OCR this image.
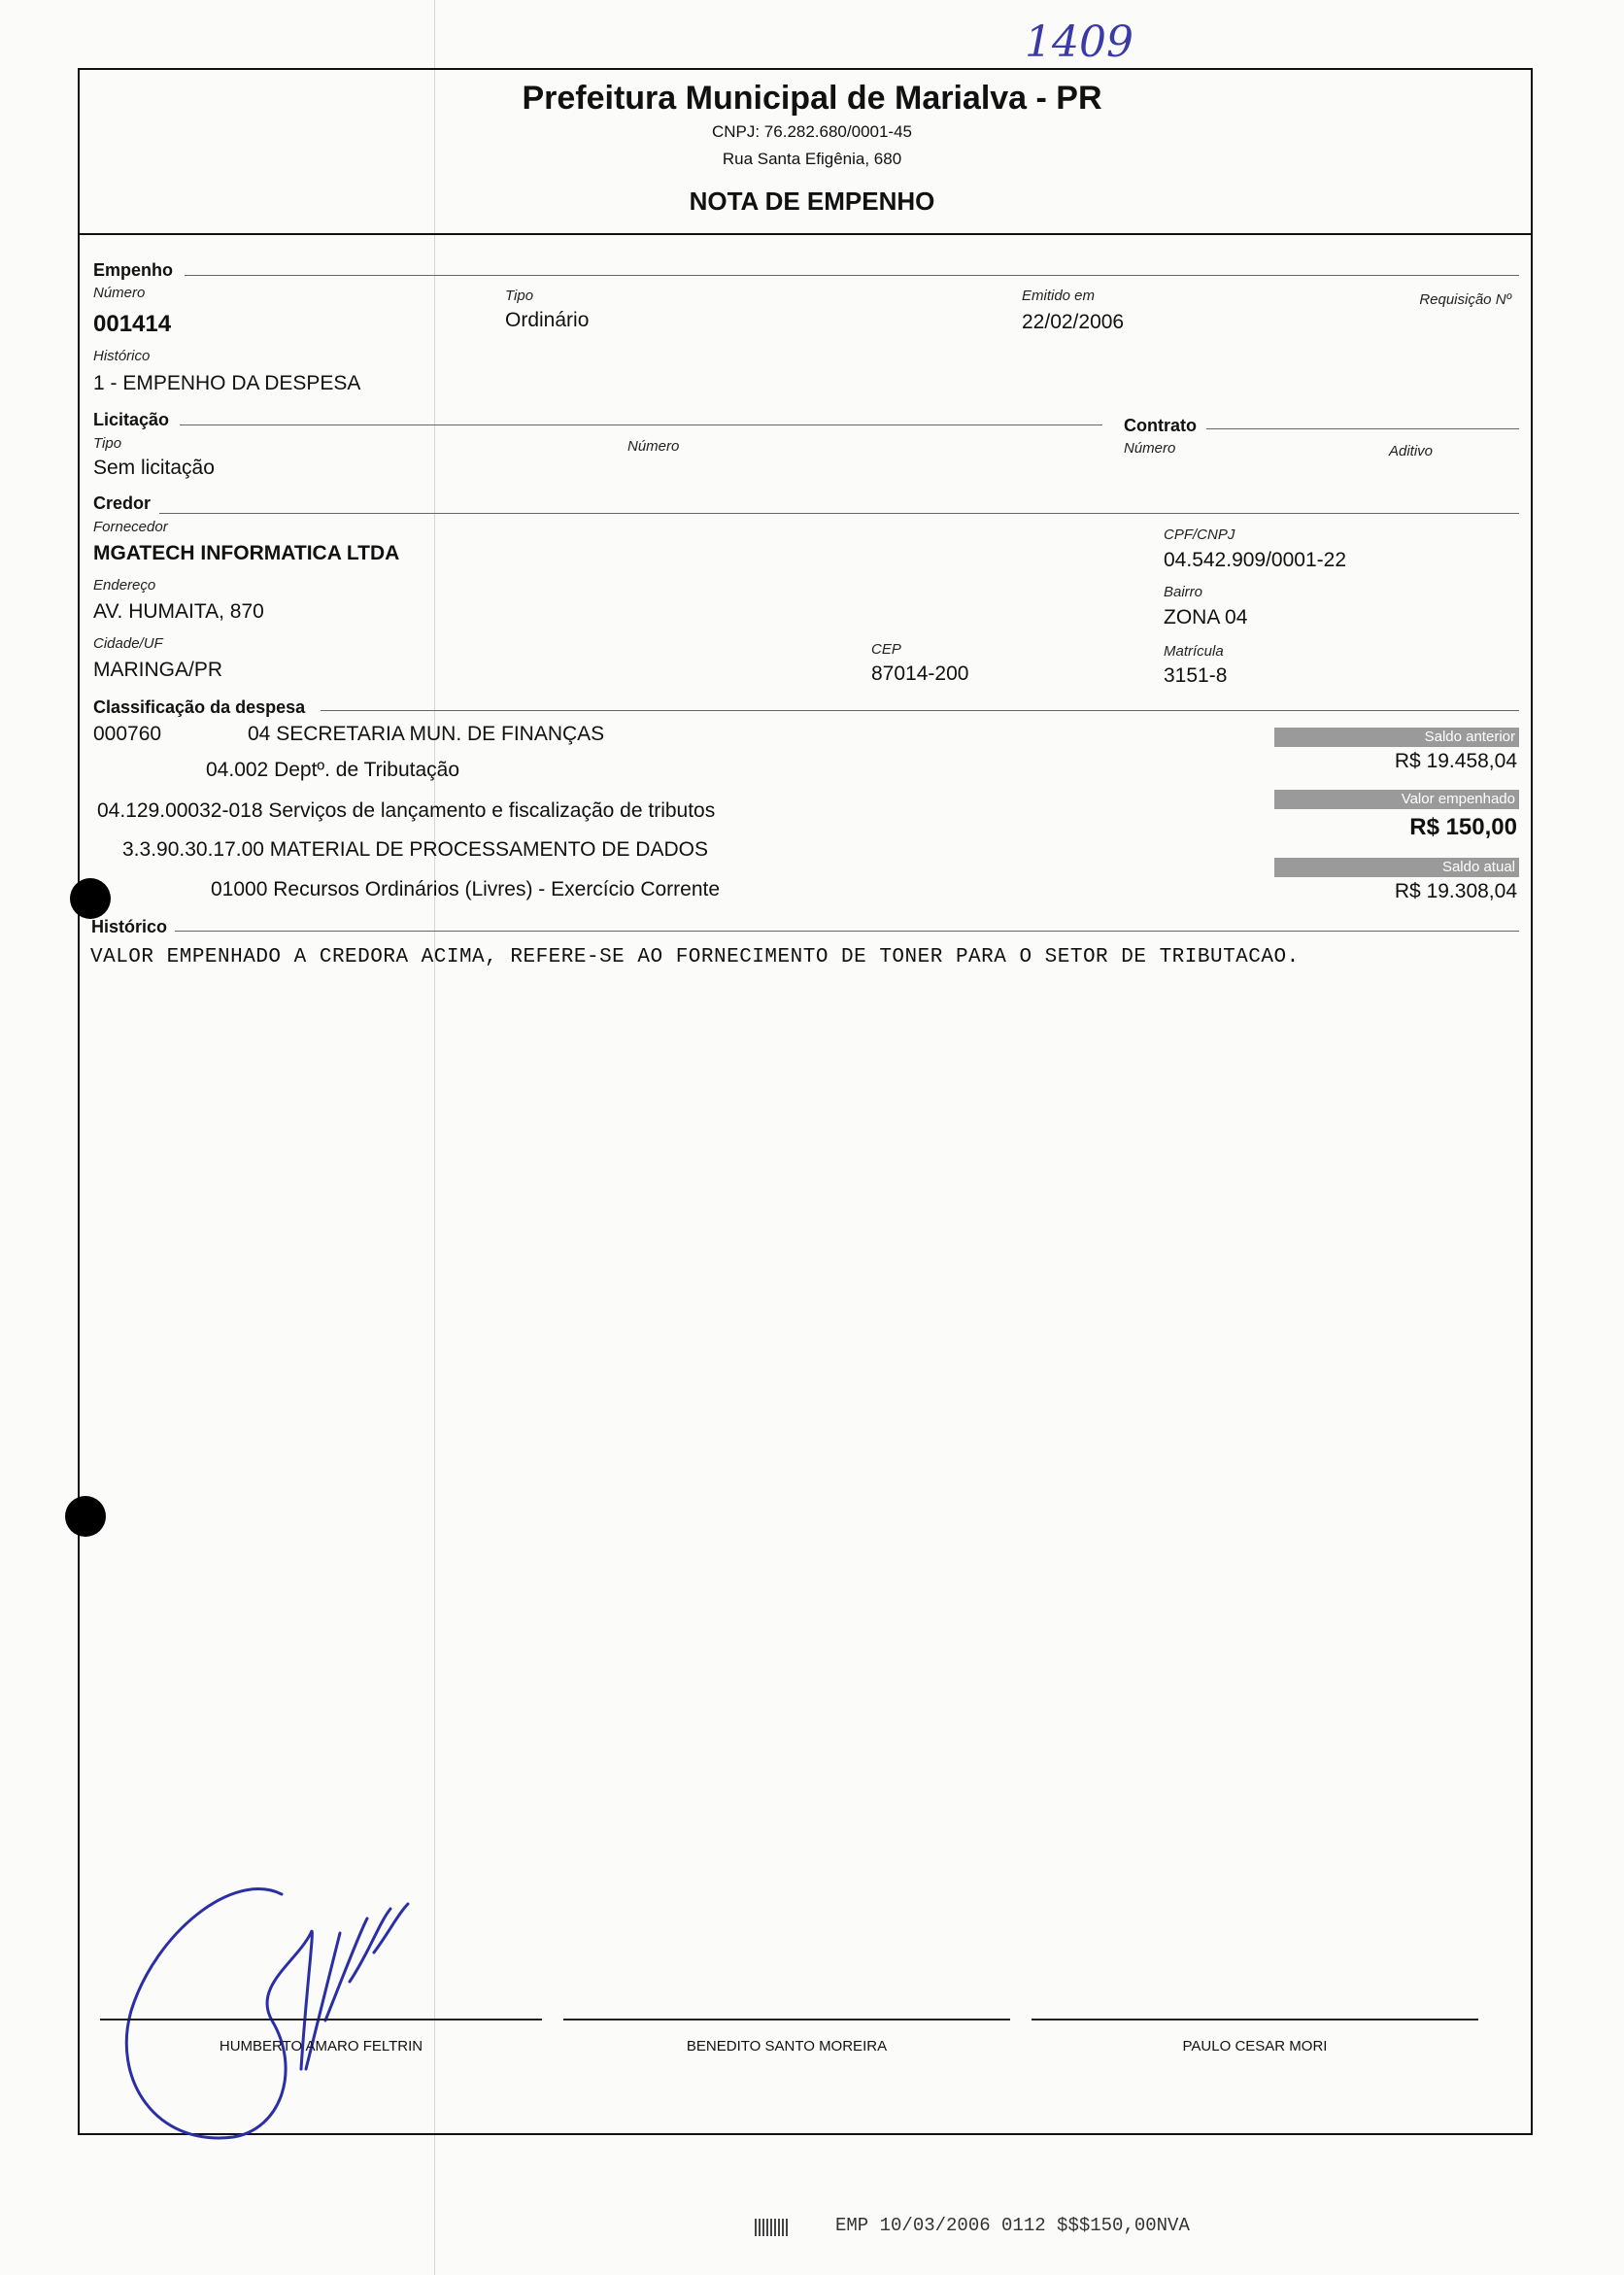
1409
Prefeitura Municipal de Marialva - PR
CNPJ: 76.282.680/0001-45
Rua Santa Efigênia, 680
NOTA DE EMPENHO
Empenho
Número
001414
Tipo
Ordinário
Emitido em
22/02/2006
Requisição Nº
Histórico
1 - EMPENHO DA DESPESA
Licitação
Tipo
Sem licitação
Número
Contrato
Número	Aditivo
Credor
Fornecedor
MGATECH INFORMATICA LTDA
CPF/CNPJ
04.542.909/0001-22
Endereço
AV. HUMAITA, 870
Bairro
ZONA 04
Cidade/UF
MARINGA/PR
CEP
87014-200
Matrícula
3151-8
Classificação da despesa
000760	04 SECRETARIA MUN. DE FINANÇAS
04.002 Deptº. de Tributação
04.129.00032-018 Serviços de lançamento e fiscalização de tributos
3.3.90.30.17.00 MATERIAL DE PROCESSAMENTO DE DADOS
01000 Recursos Ordinários (Livres) - Exercício Corrente
Saldo anterior
R$ 19.458,04
Valor empenhado
R$ 150,00
Saldo atual
R$ 19.308,04
Histórico
VALOR EMPENHADO A CREDORA ACIMA, REFERE-SE AO FORNECIMENTO DE TONER PARA O SETOR DE TRIBUTACAO.
HUMBERTO AMARO FELTRIN	BENEDITO SANTO MOREIRA	PAULO CESAR MORI
EMP 10/03/2006 0112 $$$150,00NVA
